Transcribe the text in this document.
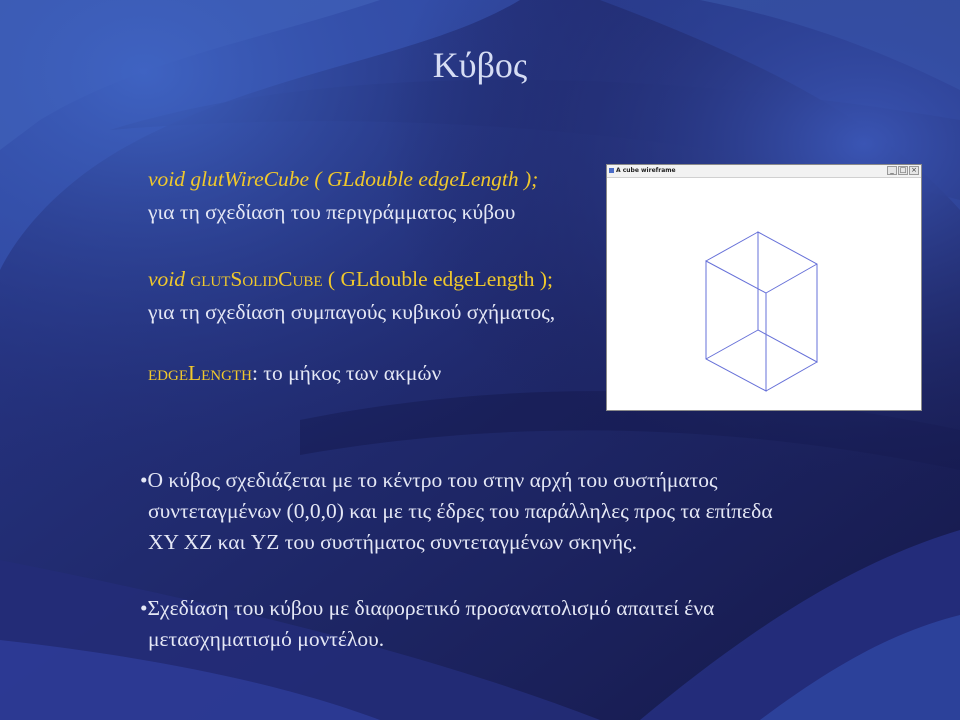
Κύβος
void glutWireCube ( GLdouble edgeLength );
για τη σχεδίαση του περιγράμματος κύβου
void glutSolidCube ( GLdouble edgeLength );
για τη σχεδίαση συμπαγούς κυβικού σχήματος,
edgeLength: το μήκος των ακμών
•Ο κύβος σχεδιάζεται με το κέντρο του στην αρχή του συστήματος
συντεταγμένων (0,0,0) και με τις έδρες του παράλληλες προς τα επίπεδα
XY XZ και YZ του συστήματος συντεταγμένων σκηνής.
•Σχεδίαση του κύβου με διαφορετικό προσανατολισμό απαιτεί ένα
μετασχηματισμό μοντέλου.
A cube wireframe	_ □ ×
